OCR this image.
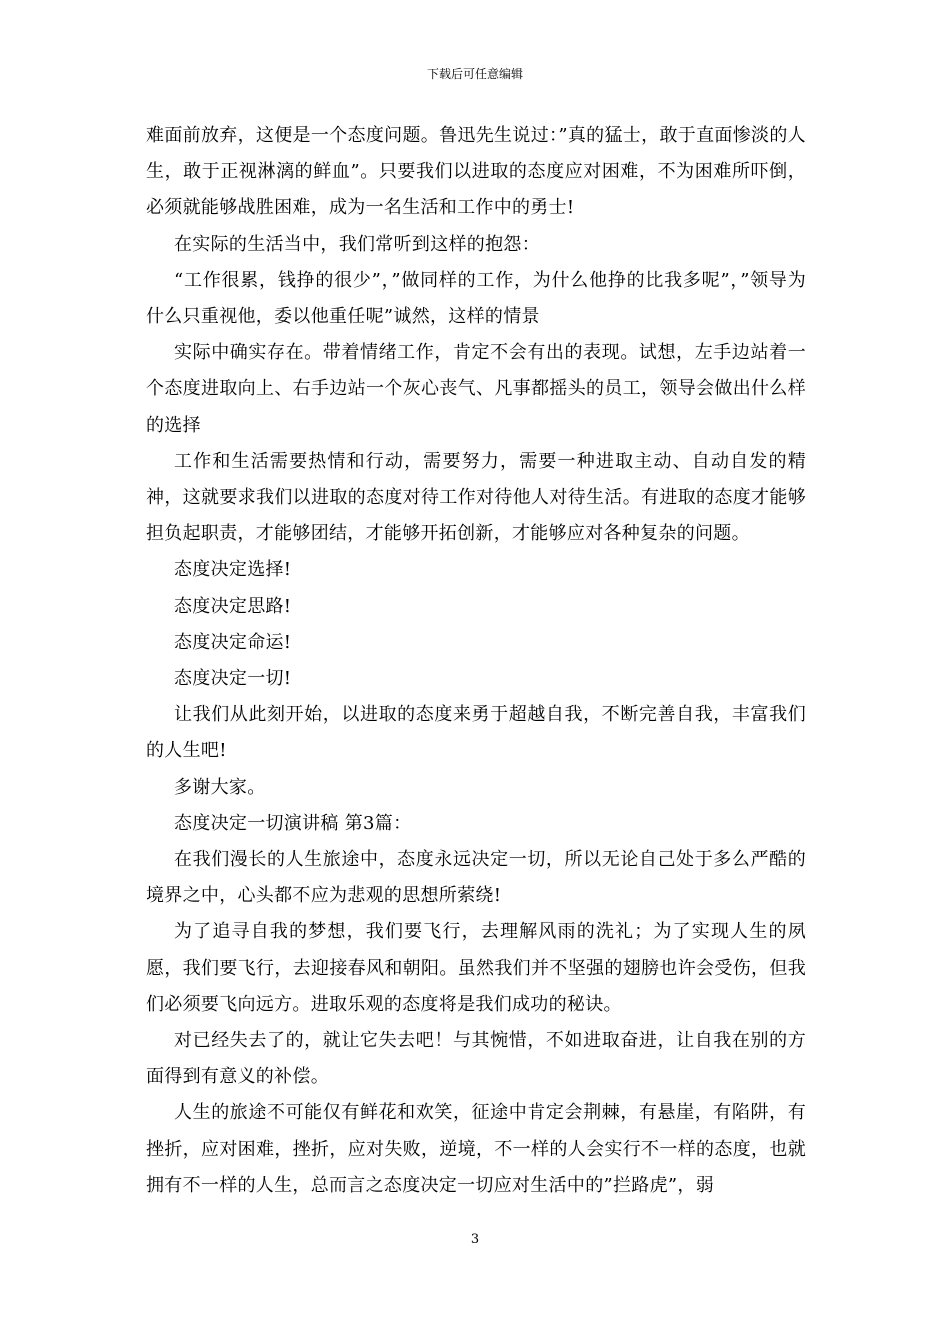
下载后可任意编辑

难面前放弃，这便是一个态度问题。鲁迅先生说过：”真的猛士，敢于直面惨淡的人生，敢于正视淋漓的鲜血”。只要我们以进取的态度应对困难，不为困难所吓倒，必须就能够战胜困难，成为一名生活和工作中的勇士!

在实际的生活当中，我们常听到这样的抱怨：

“工作很累，钱挣的很少”，”做同样的工作，为什么他挣的比我多呢”，”领导为什么只重视他，委以他重任呢”诚然，这样的情景

实际中确实存在。带着情绪工作，肯定不会有出的表现。试想，左手边站着一个态度进取向上、右手边站一个灰心丧气、凡事都摇头的员工，领导会做出什么样的选择

工作和生活需要热情和行动，需要努力，需要一种进取主动、自动自发的精神，这就要求我们以进取的态度对待工作对待他人对待生活。有进取的态度才能够担负起职责，才能够团结，才能够开拓创新，才能够应对各种复杂的问题。

态度决定选择!

态度决定思路!

态度决定命运!

态度决定一切!

让我们从此刻开始，以进取的态度来勇于超越自我，不断完善自我，丰富我们的人生吧!

多谢大家。

态度决定一切演讲稿 第3篇：

在我们漫长的人生旅途中，态度永远决定一切，所以无论自己处于多么严酷的境界之中，心头都不应为悲观的思想所萦绕!

为了追寻自我的梦想，我们要飞行，去理解风雨的洗礼；为了实现人生的夙愿，我们要飞行，去迎接春风和朝阳。虽然我们并不坚强的翅膀也许会受伤，但我们必须要飞向远方。进取乐观的态度将是我们成功的秘诀。

对已经失去了的，就让它失去吧！与其惋惜，不如进取奋进，让自我在别的方面得到有意义的补偿。

人生的旅途不可能仅有鲜花和欢笑，征途中肯定会荆棘，有悬崖，有陷阱，有挫折，应对困难，挫折，应对失败，逆境，不一样的人会实行不一样的态度，也就拥有不一样的人生，总而言之态度决定一切应对生活中的”拦路虎”，弱

3
